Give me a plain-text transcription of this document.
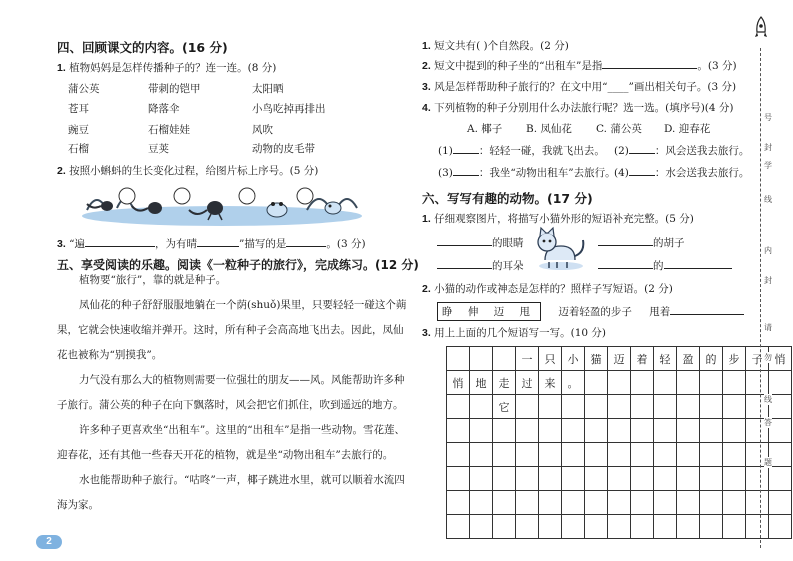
四、回顾课文的内容。(16 分)
1. 植物妈妈是怎样传播种子的？连一连。(8 分)
蒲公英	带刺的铠甲	太阳晒
苍耳	降落伞	小鸟吃掉再排出
豌豆	石榴娃娃	风吹
石榴	豆荚	动物的皮毛带
2. 按照小蝌蚪的生长变化过程，给图片标上序号。(5 分)
3. “遍	，为有晴	”描写的是	。(3 分)
五、享受阅读的乐趣。阅读《一粒种子的旅行》，完成练习。(12 分)
植物要“旅行”，靠的就是种子。
凤仙花的种子舒舒服服地躺在一个荫(shuǒ)果里，只要轻轻一碰这个蒴果，它就会快速收缩并弹开。这时，所有种子会高高地飞出去。因此，凤仙花也被称为“别摸我”。
力气没有那么大的植物则需要一位强壮的朋友——风。风能帮助许多种子旅行。蒲公英的种子在向下飘落时，风会把它们抓住，吹到遥远的地方。
许多种子更喜欢坐“出租车”。这里的“出租车”是指一些动物。雪花莲、迎春花，还有其他一些春天开花的植物，就是坐“动物出租车”去旅行的。
水也能帮助种子旅行。“咕咚”一声，椰子跳进水里，就可以顺着水流四海为家。
2
1. 短文共有( )个自然段。(2 分)
2. 短文中提到的种子坐的“出租车”是指	。(3 分)
3. 风是怎样帮助种子旅行的？在文中用“____”画出相关句子。(3 分)
4. 下列植物的种子分别用什么办法旅行呢？选一选。(填序号)(4 分)
A. 椰子 B. 凤仙花 C. 蒲公英 D. 迎春花
(1) ：轻轻一碰，我就飞出去。 (2) ：风会送我去旅行。
(3) ：我坐“动物出租车”去旅行。
(4) ：水会送我去旅行。
六、写写有趣的动物。(17 分)
1. 仔细观察图片，将描写小猫外形的短语补充完整。(5 分)
的眼睛	的胡子
的耳朵	的
2. 小猫的动作或神态是怎样的？照样子写短语。(2 分)
睁 伸 迈 甩 迈着轻盈的步子 甩着
3. 用上上面的几个短语写一写。(10 分)
			一	只	小	猫	迈	着	轻	盈	的	步	子	悄
悄	地	走	过	来	。									
		它												

号
封
学
线
内
封
请
勿
线
答
题
